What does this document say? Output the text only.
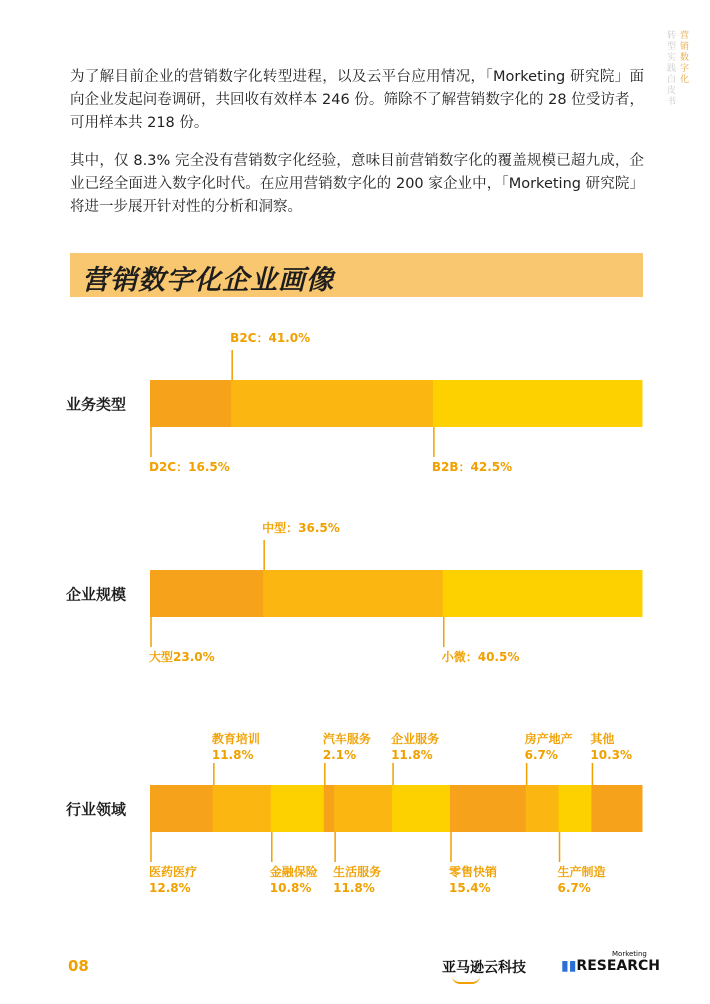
营销数字化
转型实践白皮书

为了解目前企业的营销数字化转型进程，以及云平台应用情况，「Morketing 研究院」面向企业发起问卷调研，共回收有效样本 246 份。筛除不了解营销数字化的 28 位受访者，可用样本共 218 份。

其中，仅 8.3% 完全没有营销数字化经验，意味目前营销数字化的覆盖规模已超九成，企业已经全面进入数字化时代。在应用营销数字化的 200 家企业中，「Morketing 研究院」将进一步展开针对性的分析和洞察。

营销数字化企业画像
业务类型
D2C：16.5%
B2C：41.0%
B2B：42.5%
企业规模
大型23.0%
中型：36.5%
小微：40.5%
行业领域
医药医疗
12.8%
教育培训
11.8%
金融保险
10.8%
汽车服务
2.1%
生活服务
11.8%
企业服务
11.8%
零售快销
15.4%
房产地产
6.7%
生产制造
6.7%
其他
10.3%
08	亚马逊云科技
Morketing
▮▮RESEARCH
